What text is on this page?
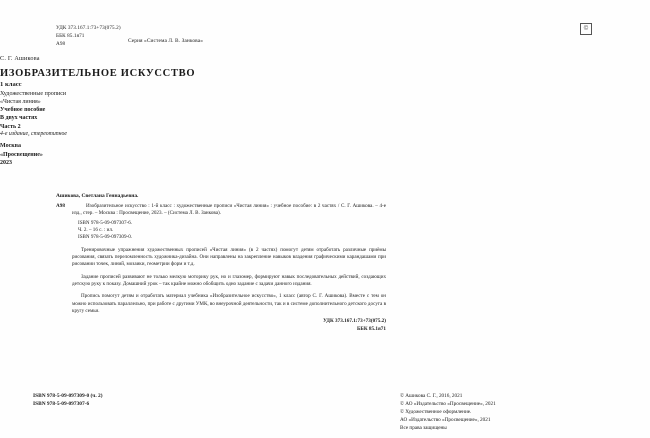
УДК 373.167.1:73+73(075.2)
ББК 85.1я71
А98	Серия «Система Л. В. Занкова»
©
С. Г. Ашикова
ИЗОБРАЗИТЕЛЬНОЕ ИСКУССТВО
1 класс
Художественные прописи
«Чистая линия»
Учебное пособие
В двух частях
Часть 2
4-е издание, стереотипное
Москва
«Просвещение»
2023
Ашикова, Светлана Геннадьевна.
А98	Изобразительное искусство : 1-й класс : художественные прописи «Чистая линия» : учебное пособие: в 2 частях / С. Г. Ашикова. – 4-е изд., стер. – Москва : Просвещение, 2023. – (Система Л. В. Занкова).
ISBN 978-5-09-097307-6.
Ч. 2. – 16 с. : ил.
ISBN 978-5-09-097309-0.
Тренировочные упражнения художественных прописей «Чистая линия» (в 2 частях) помогут детям отработать различные приёмы рисования, связать переломленность художника-дизайна. Они направлены на закрепление навыков владения графическими карандашами при рисовании точек, линий, мозаики, геометрии форм и т.д.
Задание прописей развивают не только мелкую моторику рук, но и глазомер, формируют навык последовательных действий, создающих детскую руку к показу. Домашний урок – так крайне можно обобщить одно задание с задачи данного издания.
Пропись помогут детям и отработать материал учебника «Изобразительное искусство», 1 класс (автор С. Г. Ашикова). Вместе с тем он можно использовать параллельно, при работе с другими УМК, во внеурочной деятельности, так и в системе дополнительного детского досуга в кругу семьи.
УДК 373.167.1:73+73(075.2)
ББК 85.1я71
ISBN 978-5-09-097309-0 (ч. 2)
ISBN 978-5-09-097307-6
© Ашикова С. Г., 2016, 2021
© АО «Издательство «Просвещение», 2021
© Художественное оформление.
АО «Издательство «Просвещение», 2021
Все права защищены
